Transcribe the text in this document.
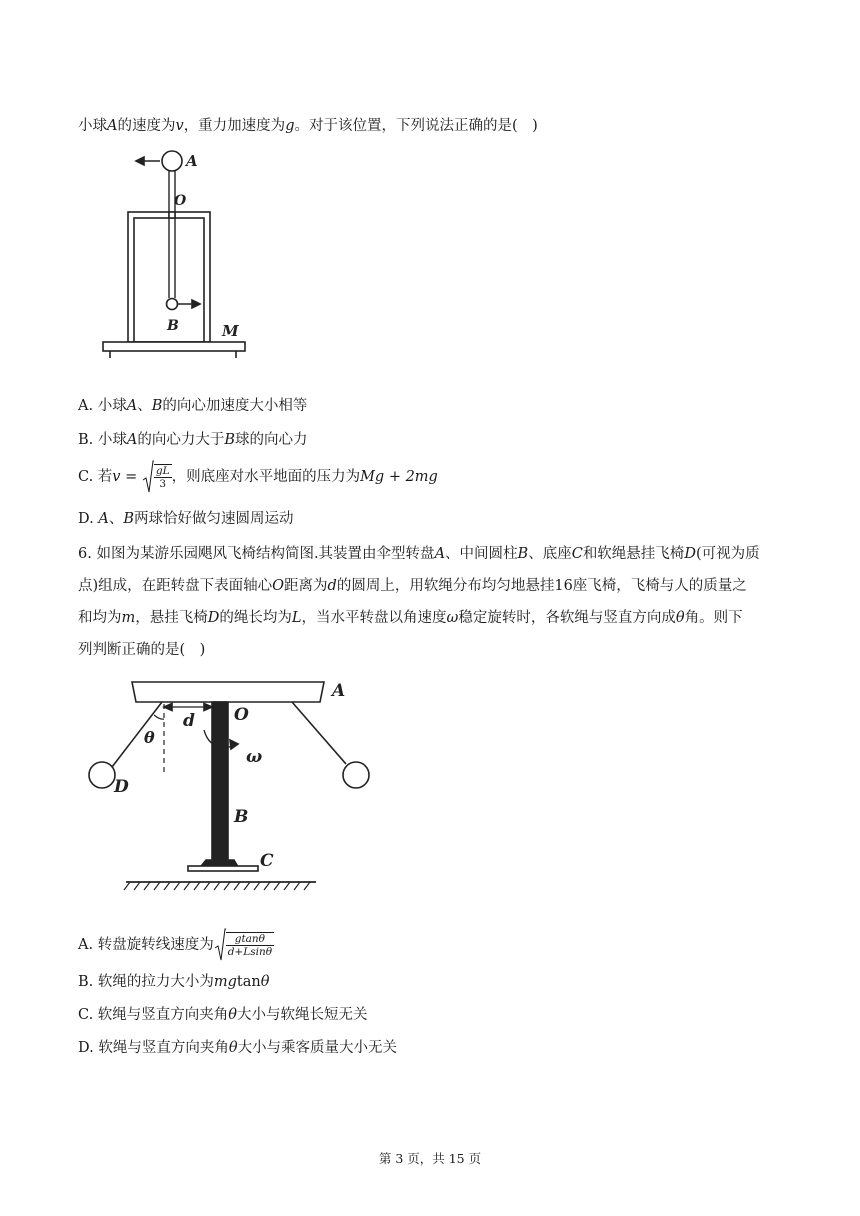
小球A的速度为v，重力加速度为g。对于该位置，下列说法正确的是(　)
A
O
B	M
A. 小球A、B的向心加速度大小相等
B. 小球A的向心力大于B球的向心力
C. 若$v = \frac{gL}{3}$ ，则底座对水平地面的压力为Mg + 2mg
D. A、B两球恰好做匀速圆周运动
6. 如图为某游乐园飓风飞椅结构简图.其装置由伞型转盘A、中间圆柱B、底座C和软绳悬挂飞椅D(可视为质
点)组成，在距转盘下表面轴心O距离为d的圆周上，用软绳分布均匀地悬挂16座飞椅，飞椅与人的质量之
和均为m，悬挂飞椅D的绳长均为L，当水平转盘以角速度ω稳定旋转时，各软绳与竖直方向成θ角。则下
列判断正确的是(　)
A
d O
θ
ω
D
B
C
A. 转盘旋转线速度为 $\frac{gtan\theta}{d+Lsin\theta}$
B. 软绳的拉力大小为mgtanθ
C. 软绳与竖直方向夹角θ大小与软绳长短无关
D. 软绳与竖直方向夹角θ大小与乘客质量大小无关
第 3 页，共 15 页
